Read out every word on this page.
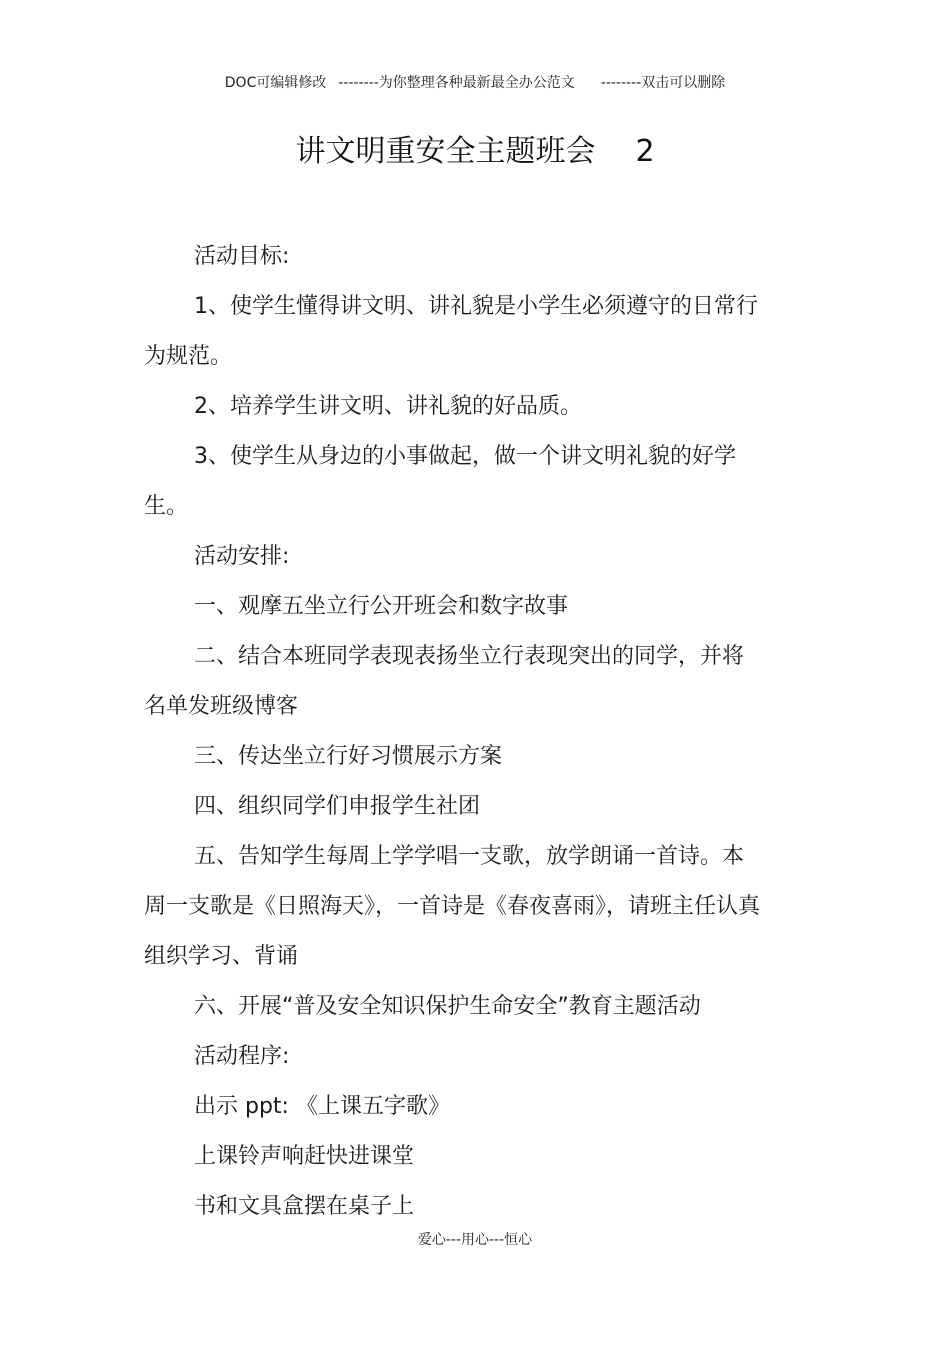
DOC可编辑修改 --------为你整理各种最新最全办公范文 --------双击可以删除
讲文明重安全主题班会 2

活动目标:

1、使学生懂得讲文明、讲礼貌是小学生必须遵守的日常行为规范。

2、培养学生讲文明、讲礼貌的好品质。

3、使学生从身边的小事做起，做一个讲文明礼貌的好学生。

活动安排:

一、观摩五坐立行公开班会和数字故事

二、结合本班同学表现表扬坐立行表现突出的同学，并将名单发班级博客

三、传达坐立行好习惯展示方案

四、组织同学们申报学生社团

五、告知学生每周上学学唱一支歌，放学朗诵一首诗。本周一支歌是《日照海天》，一首诗是《春夜喜雨》，请班主任认真组织学习、背诵

六、开展“普及安全知识保护生命安全”教育主题活动

活动程序:

出示 ppt: 《上课五字歌》

上课铃声响赶快进课堂

书和文具盒摆在桌子上

爱心---用心---恒心
